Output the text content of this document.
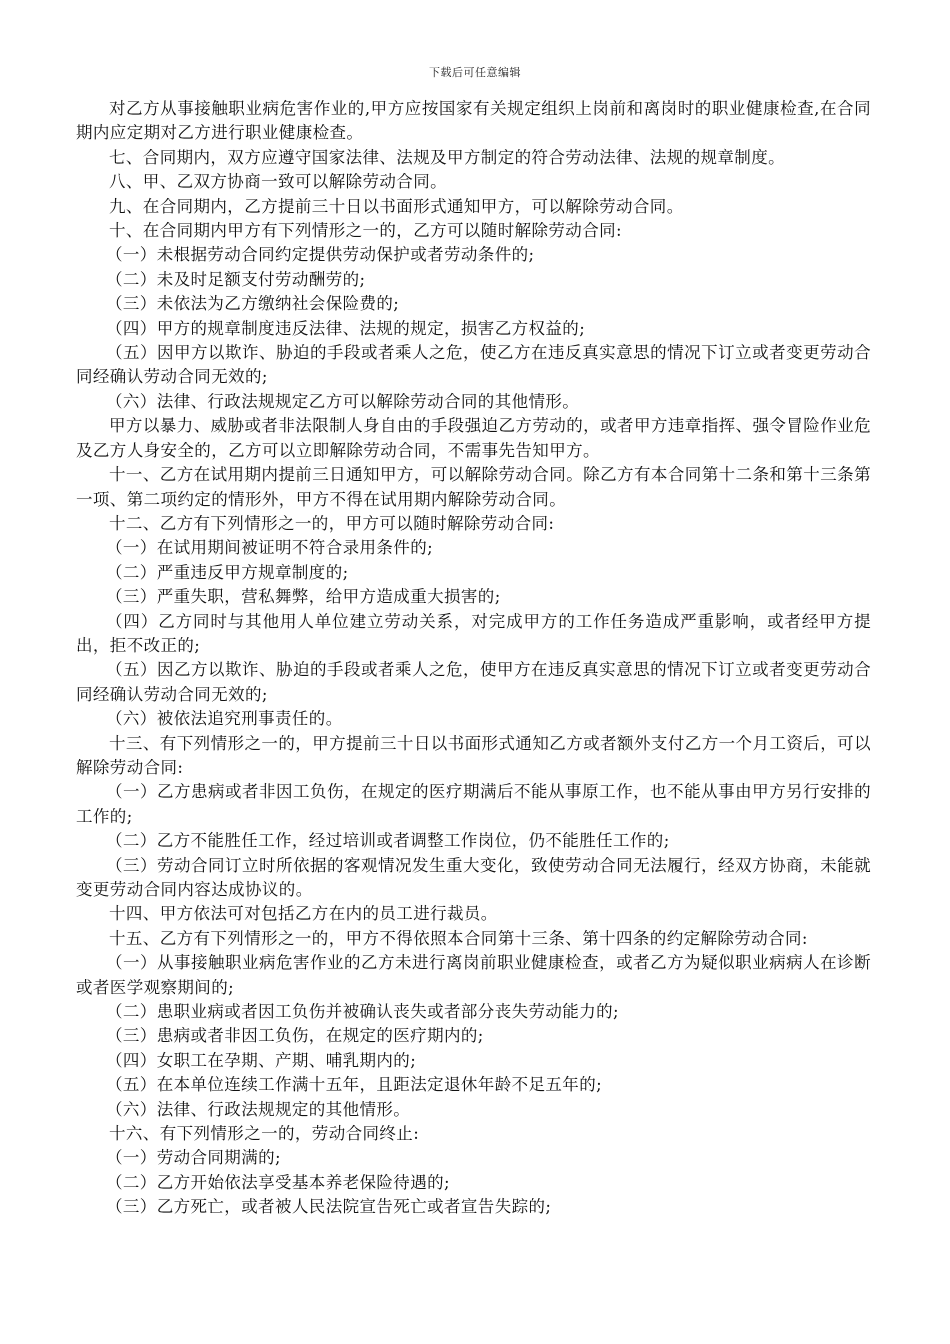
下载后可任意编辑

对乙方从事接触职业病危害作业的,甲方应按国家有关规定组织上岗前和离岗时的职业健康检查,在合同期内应定期对乙方进行职业健康检查。

七、合同期内，双方应遵守国家法律、法规及甲方制定的符合劳动法律、法规的规章制度。

八、甲、乙双方协商一致可以解除劳动合同。

九、在合同期内，乙方提前三十日以书面形式通知甲方，可以解除劳动合同。

十、在合同期内甲方有下列情形之一的，乙方可以随时解除劳动合同:

（一）未根据劳动合同约定提供劳动保护或者劳动条件的;

（二）未及时足额支付劳动酬劳的;

（三）未依法为乙方缴纳社会保险费的;

（四）甲方的规章制度违反法律、法规的规定，损害乙方权益的;

（五）因甲方以欺诈、胁迫的手段或者乘人之危，使乙方在违反真实意思的情况下订立或者变更劳动合同经确认劳动合同无效的;

（六）法律、行政法规规定乙方可以解除劳动合同的其他情形。

甲方以暴力、威胁或者非法限制人身自由的手段强迫乙方劳动的，或者甲方违章指挥、强令冒险作业危及乙方人身安全的，乙方可以立即解除劳动合同，不需事先告知甲方。

十一、乙方在试用期内提前三日通知甲方，可以解除劳动合同。除乙方有本合同第十二条和第十三条第一项、第二项约定的情形外，甲方不得在试用期内解除劳动合同。

十二、乙方有下列情形之一的，甲方可以随时解除劳动合同:

（一）在试用期间被证明不符合录用条件的;

（二）严重违反甲方规章制度的;

（三）严重失职，营私舞弊，给甲方造成重大损害的;

（四）乙方同时与其他用人单位建立劳动关系，对完成甲方的工作任务造成严重影响，或者经甲方提出，拒不改正的;

（五）因乙方以欺诈、胁迫的手段或者乘人之危，使甲方在违反真实意思的情况下订立或者变更劳动合同经确认劳动合同无效的;

（六）被依法追究刑事责任的。

十三、有下列情形之一的，甲方提前三十日以书面形式通知乙方或者额外支付乙方一个月工资后，可以解除劳动合同:

（一）乙方患病或者非因工负伤，在规定的医疗期满后不能从事原工作，也不能从事由甲方另行安排的工作的;

（二）乙方不能胜任工作，经过培训或者调整工作岗位，仍不能胜任工作的;

（三）劳动合同订立时所依据的客观情况发生重大变化，致使劳动合同无法履行，经双方协商，未能就变更劳动合同内容达成协议的。

十四、甲方依法可对包括乙方在内的员工进行裁员。

十五、乙方有下列情形之一的，甲方不得依照本合同第十三条、第十四条的约定解除劳动合同:

（一）从事接触职业病危害作业的乙方未进行离岗前职业健康检查，或者乙方为疑似职业病病人在诊断或者医学观察期间的;

（二）患职业病或者因工负伤并被确认丧失或者部分丧失劳动能力的;

（三）患病或者非因工负伤，在规定的医疗期内的;

（四）女职工在孕期、产期、哺乳期内的;

（五）在本单位连续工作满十五年，且距法定退休年龄不足五年的;

（六）法律、行政法规规定的其他情形。

十六、有下列情形之一的，劳动合同终止:

（一）劳动合同期满的;

（二）乙方开始依法享受基本养老保险待遇的;

（三）乙方死亡，或者被人民法院宣告死亡或者宣告失踪的;
